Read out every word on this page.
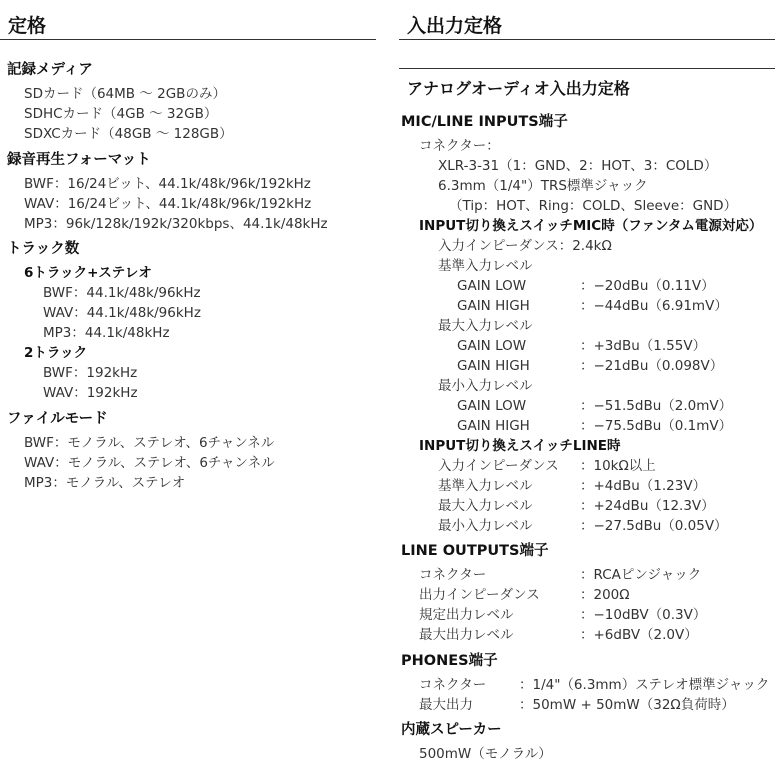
定格
記録メディア
SDカード（64MB ～ 2GBのみ）
SDHCカード（4GB ～ 32GB）
SDXCカード（48GB ～ 128GB）
録音再生フォーマット
BWF：16/24ビット、44.1k/48k/96k/192kHz
WAV：16/24ビット、44.1k/48k/96k/192kHz
MP3：96k/128k/192k/320kbps、44.1k/48kHz
トラック数
6トラック+ステレオ
BWF：44.1k/48k/96kHz
WAV：44.1k/48k/96kHz
MP3：44.1k/48kHz
2トラック
BWF：192kHz
WAV：192kHz
ファイルモード
BWF：モノラル、ステレオ、6チャンネル
WAV：モノラル、ステレオ、6チャンネル
MP3：モノラル、ステレオ
入出力定格
アナログオーディオ入出力定格
MIC/LINE INPUTS端子
コネクター：
XLR-3-31（1：GND、2：HOT、3：COLD）
6.3mm（1/4"）TRS標準ジャック
（Tip：HOT、Ring：COLD、Sleeve：GND）
INPUT切り換えスイッチMIC時（ファンタム電源対応）
入力インピーダンス：2.4kΩ
基準入力レベル
GAIN LOW	：−20dBu（0.11V）
GAIN HIGH	：−44dBu（6.91mV）
最大入力レベル
GAIN LOW	：+3dBu（1.55V）
GAIN HIGH	：−21dBu（0.098V）
最小入力レベル
GAIN LOW	：−51.5dBu（2.0mV）
GAIN HIGH	：−75.5dBu（0.1mV）
INPUT切り換えスイッチLINE時
入力インピーダンス ：10kΩ以上
基準入力レベル	：+4dBu（1.23V）
最大入力レベル	：+24dBu（12.3V）
最小入力レベル	：−27.5dBu（0.05V）
LINE OUTPUTS端子
コネクター	：RCAピンジャック
出力インピーダンス	：200Ω
規定出力レベル	：−10dBV（0.3V）
最大出力レベル	：+6dBV（2.0V）
PHONES端子
コネクター ：1/4"（6.3mm）ステレオ標準ジャック
最大出力	：50mW + 50mW（32Ω負荷時）
内蔵スピーカー
500mW（モノラル）
